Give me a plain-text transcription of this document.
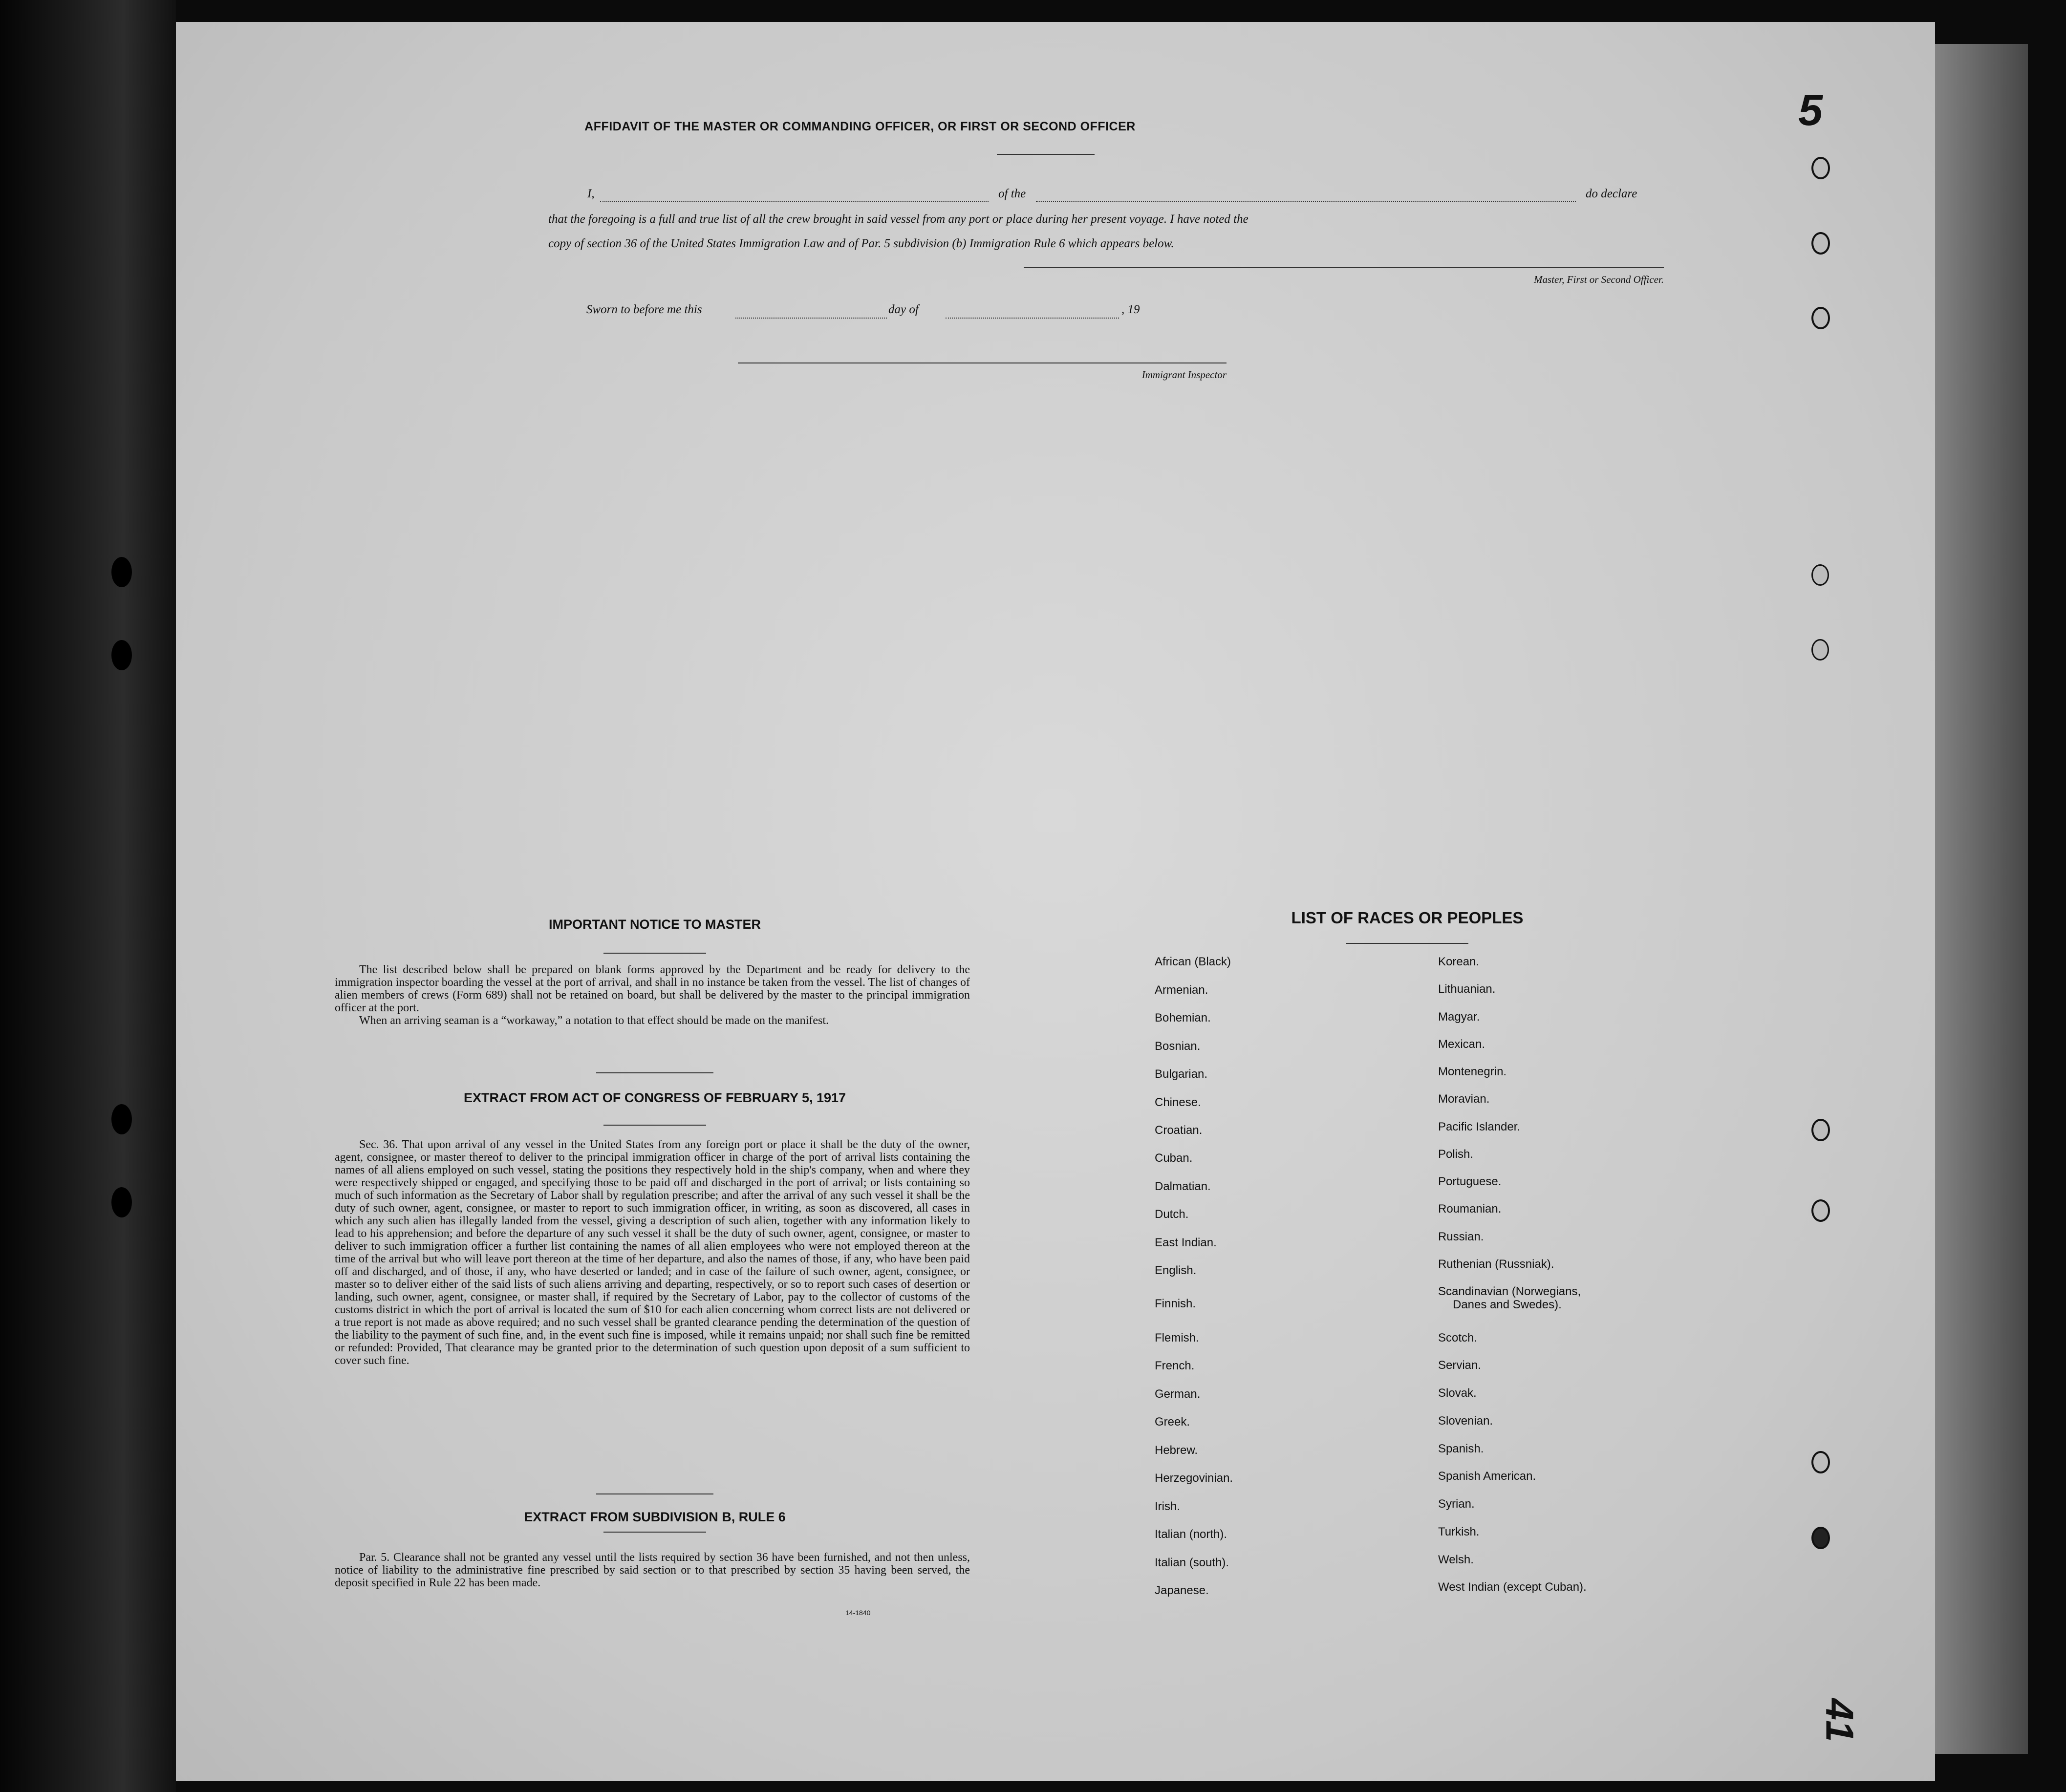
AFFIDAVIT OF THE MASTER OR COMMANDING OFFICER, OR FIRST OR SECOND OFFICER
I,	of the	do declare
that the foregoing is a full and true list of all the crew brought in said vessel from any port or place during her present voyage. I have noted the
copy of section 36 of the United States Immigration Law and of Par. 5 subdivision (b) Immigration Rule 6 which appears below.
Master, First or Second Officer.
Sworn to before me this	day of	, 19
Immigrant Inspector
IMPORTANT NOTICE TO MASTER

The list described below shall be prepared on blank forms approved by the Department and be ready for delivery to the immigration inspector boarding the vessel at the port of arrival, and shall in no instance be taken from the vessel. The list of changes of alien members of crews (Form 689) shall not be retained on board, but shall be delivered by the master to the principal immigration officer at the port.

When an arriving seaman is a “workaway,” a notation to that effect should be made on the manifest.

EXTRACT FROM ACT OF CONGRESS OF FEBRUARY 5, 1917

Sec. 36. That upon arrival of any vessel in the United States from any foreign port or place it shall be the duty of the owner, agent, consignee, or master thereof to deliver to the principal immigration officer in charge of the port of arrival lists containing the names of all aliens employed on such vessel, stating the positions they respectively hold in the ship's company, when and where they were respectively shipped or engaged, and specifying those to be paid off and discharged in the port of arrival; or lists containing so much of such information as the Secretary of Labor shall by regulation prescribe; and after the arrival of any such vessel it shall be the duty of such owner, agent, consignee, or master to report to such immigration officer, in writing, as soon as discovered, all cases in which any such alien has illegally landed from the vessel, giving a description of such alien, together with any information likely to lead to his apprehension; and before the departure of any such vessel it shall be the duty of such owner, agent, consignee, or master to deliver to such immigration officer a further list containing the names of all alien employees who were not employed thereon at the time of the arrival but who will leave port thereon at the time of her departure, and also the names of those, if any, who have been paid off and discharged, and of those, if any, who have deserted or landed; and in case of the failure of such owner, agent, consignee, or master so to deliver either of the said lists of such aliens arriving and departing, respectively, or so to report such cases of desertion or landing, such owner, agent, consignee, or master shall, if required by the Secretary of Labor, pay to the collector of customs of the customs district in which the port of arrival is located the sum of $10 for each alien concerning whom correct lists are not delivered or a true report is not made as above required; and no such vessel shall be granted clearance pending the determination of the question of the liability to the payment of such fine, and, in the event such fine is imposed, while it remains unpaid; nor shall such fine be remitted or refunded: Provided, That clearance may be granted prior to the determination of such question upon deposit of a sum sufficient to cover such fine.

EXTRACT FROM SUBDIVISION B, RULE 6

Par. 5. Clearance shall not be granted any vessel until the lists required by section 36 have been furnished, and not then unless, notice of liability to the administrative fine prescribed by said section or to that prescribed by section 35 having been served, the deposit specified in Rule 22 has been made.

14-1840
LIST OF RACES OR PEOPLES
African (Black)
Armenian.
Bohemian.
Bosnian.
Bulgarian.
Chinese.
Croatian.
Cuban.
Dalmatian.
Dutch.
East Indian.
English.
Finnish.
Flemish.
French.
German.
Greek.
Hebrew.
Herzegovinian.
Irish.
Italian (north).
Italian (south).
Japanese.
Korean.
Lithuanian.
Magyar.
Mexican.
Montenegrin.
Moravian.
Pacific Islander.
Polish.
Portuguese.
Roumanian.
Russian.
Ruthenian (Russniak).
Scandinavian (Norwegians,
Danes and Swedes).
Scotch.
Servian.
Slovak.
Slovenian.
Spanish.
Spanish American.
Syrian.
Turkish.
Welsh.
West Indian (except Cuban).
5
41
